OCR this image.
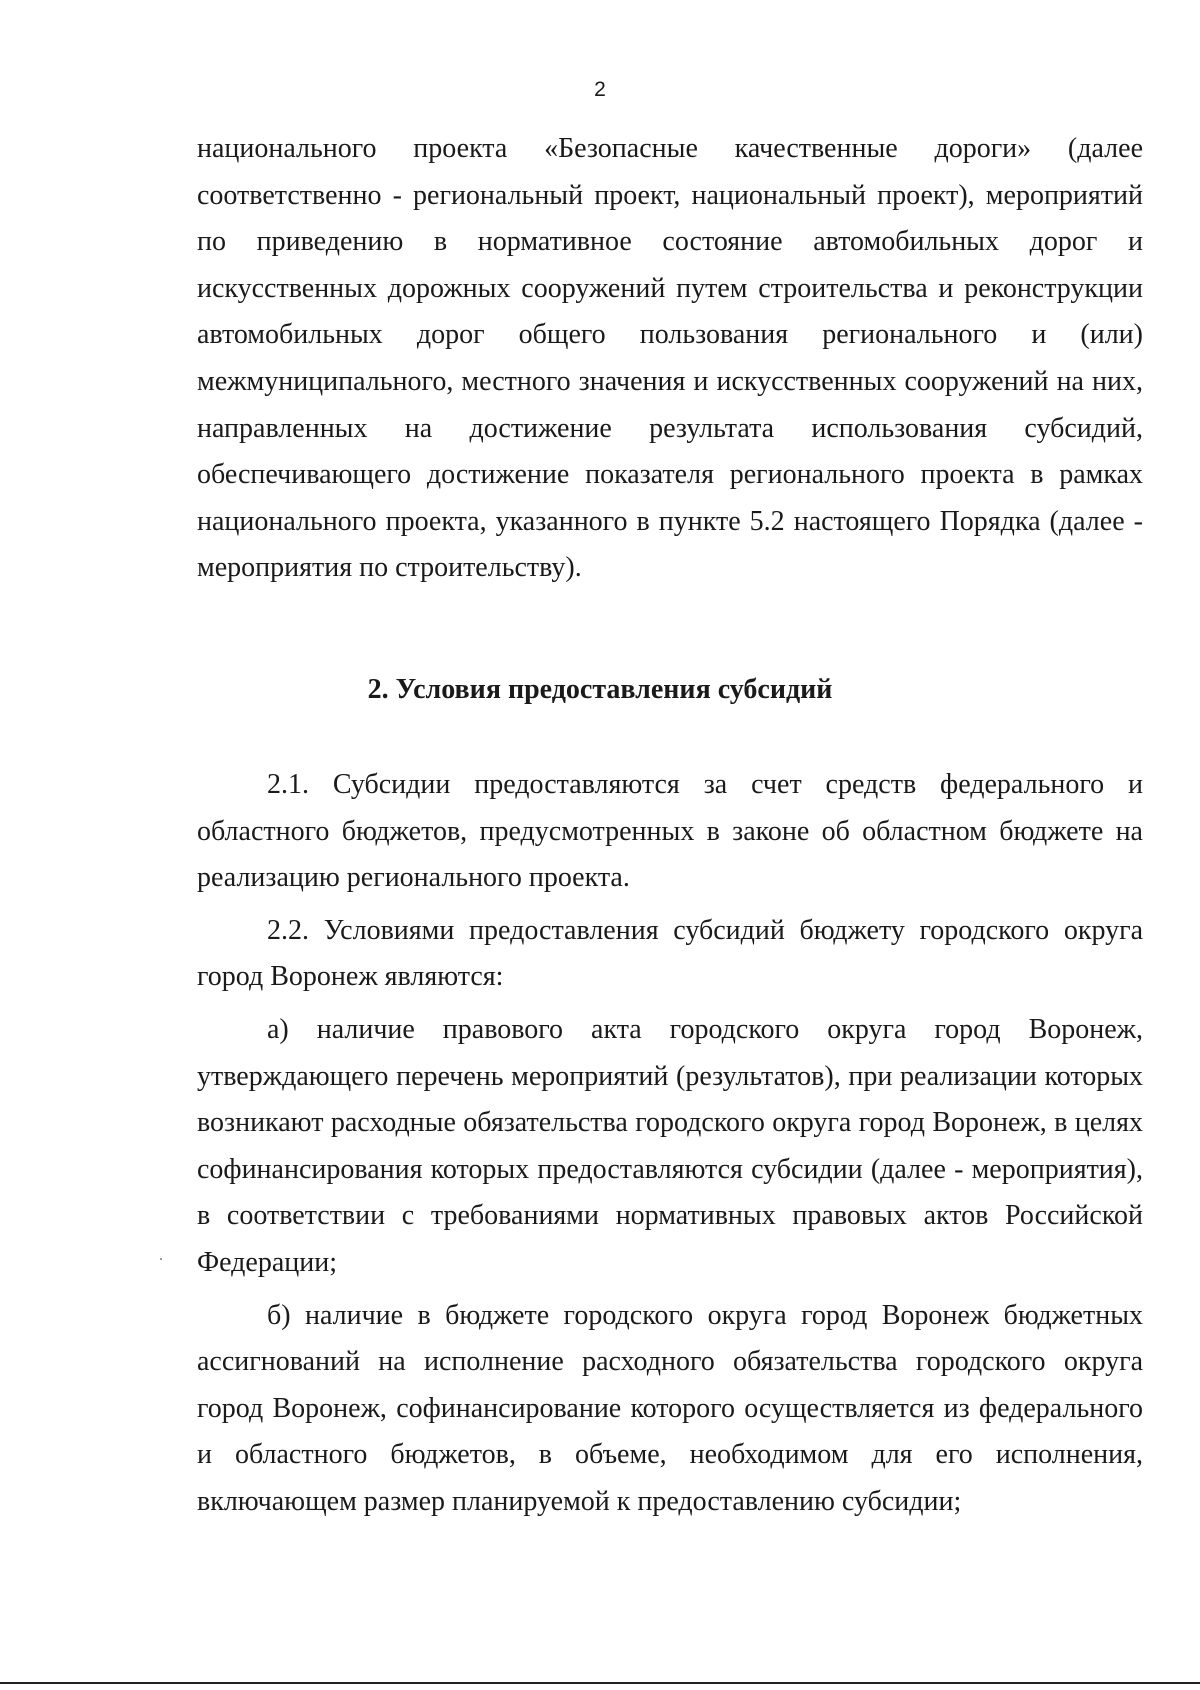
2
национального проекта «Безопасные качественные дороги» (далее соответственно - региональный проект, национальный проект), мероприятий по приведению в нормативное состояние автомобильных дорог и искусственных дорожных сооружений путем строительства и реконструкции автомобильных дорог общего пользования регионального и (или) межмуниципального, местного значения и искусственных сооружений на них, направленных на достижение результата использования субсидий, обеспечивающего достижение показателя регионального проекта в рамках национального проекта, указанного в пункте 5.2 настоящего Порядка (далее - мероприятия по строительству).
2. Условия предоставления субсидий

2.1. Субсидии предоставляются за счет средств федерального и областного бюджетов, предусмотренных в законе об областном бюджете на реализацию регионального проекта.

2.2. Условиями предоставления субсидий бюджету городского округа город Воронеж являются:

а) наличие правового акта городского округа город Воронеж, утверждающего перечень мероприятий (результатов), при реализации которых возникают расходные обязательства городского округа город Воронеж, в целях софинансирования которых предоставляются субсидии (далее - мероприятия), в соответствии с требованиями нормативных правовых актов Российской Федерации;

б) наличие в бюджете городского округа город Воронеж бюджетных ассигнований на исполнение расходного обязательства городского округа город Воронеж, софинансирование которого осуществляется из федерального и областного бюджетов, в объеме, необходимом для его исполнения, включающем размер планируемой к предоставлению субсидии;
